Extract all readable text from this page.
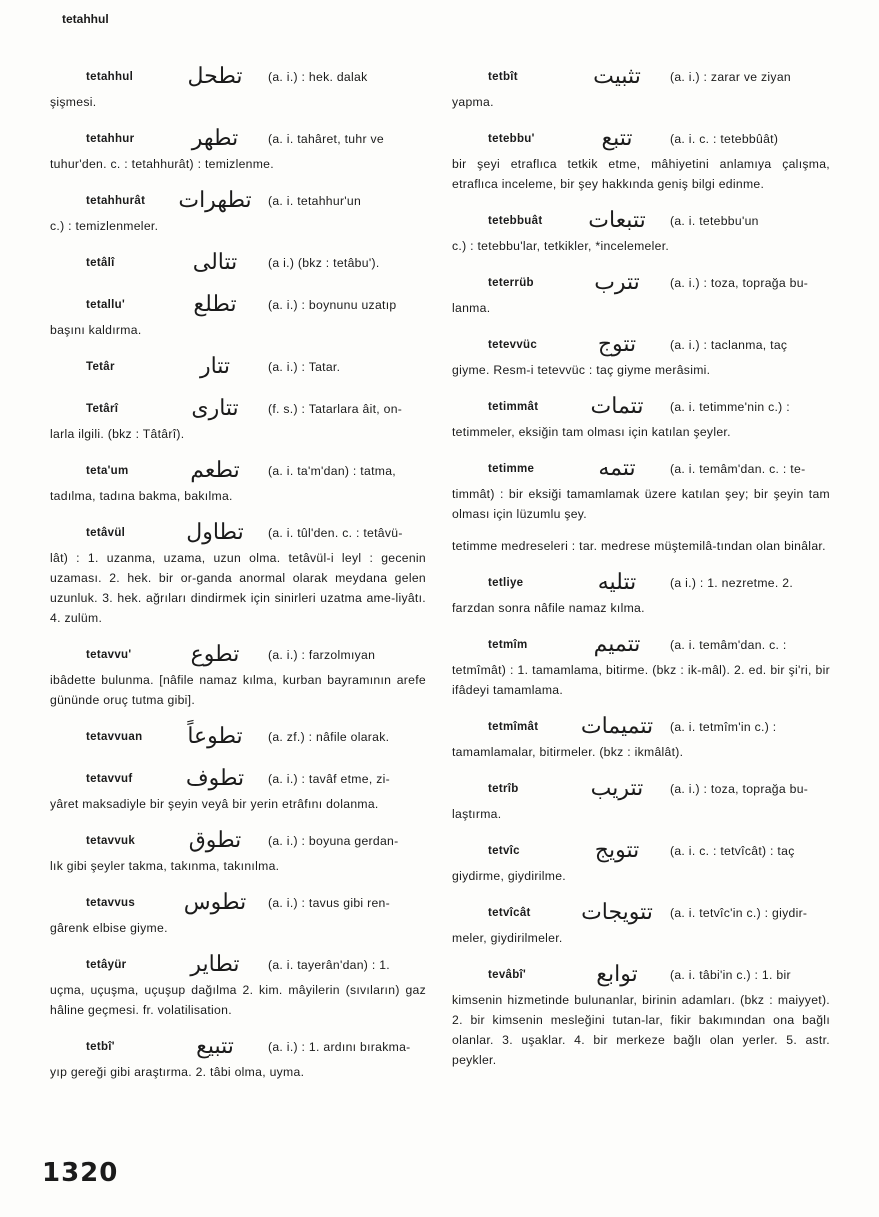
tetahhul
tetahhul	تطحل	(a. i.) : hek. dalak
şişmesi.
tetahhur	تطهر	(a. i. tahâret, tuhr ve
tuhur'den. c. : tetahhurât) : temizlenme.
tetahhurât	تطهرات	(a. i. tetahhur'un
c.) : temizlenmeler.
tetâlî	تتالى	(a i.) (bkz : tetâbu').
tetallu'	تطلع	(a. i.) : boynunu uzatıp
başını kaldırma.
Tetâr	تتار	(a. i.) : Tatar.
Tetârî	تتارى	(f. s.) : Tatarlara âit, on-
larla ilgili. (bkz : Tâtârî).
teta'um	تطعم	(a. i. ta'm'dan) : tatma,
tadılma, tadına bakma, bakılma.
tetâvül	تطاول	(a. i. tûl'den. c. : tetâvü-
lât) : 1. uzanma, uzama, uzun olma. tetâvül-i leyl : gecenin uzaması. 2. hek. bir or-ganda anormal olarak meydana gelen uzunluk. 3. hek. ağrıları dindirmek için sinirleri uzatma ame-liyâtı. 4. zulüm.
tetavvu'	تطوع	(a. i.) : farzolmıyan
ibâdette bulunma. [nâfile namaz kılma, kurban bayramının arefe gününde oruç tutma gibi].
tetavvuan	تطوعاً	(a. zf.) : nâfile olarak.
tetavvuf	تطوف	(a. i.) : tavâf etme, zi-
yâret maksadiyle bir şeyin veyâ bir yerin etrâfını dolanma.
tetavvuk	تطوق	(a. i.) : boyuna gerdan-
lık gibi şeyler takma, takınma, takınılma.
tetavvus	تطوس	(a. i.) : tavus gibi ren-
gârenk elbise giyme.
tetâyür	تطاير	(a. i. tayerân'dan) : 1.
uçma, uçuşma, uçuşup dağılma 2. kim. mâyilerin (sıvıların) gaz hâline geçmesi. fr. volatilisation.
tetbî'	تتبيع	(a. i.) : 1. ardını bırakma-
yıp gereği gibi araştırma. 2. tâbi olma, uyma.
tetbît	تثبيت	(a. i.) : zarar ve ziyan
yapma.
tetebbu'	تتبع	(a. i. c. : tetebbûât)
bir şeyi etraflıca tetkik etme, mâhiyetini anlamıya çalışma, etraflıca inceleme, bir şey hakkında geniş bilgi edinme.
tetebbuât	تتبعات	(a. i. tetebbu'un
c.) : tetebbu'lar, tetkikler, *incelemeler.
teterrüb	تترب	(a. i.) : toza, toprağa bu-
lanma.
tetevvüc	تتوج	(a. i.) : taclanma, taç
giyme. Resm-i tetevvüc : taç giyme merâsimi.
tetimmât	تتمات	(a. i. tetimme'nin c.) :
tetimmeler, eksiğin tam olması için katılan şeyler.
tetimme	تتمه	(a. i. temâm'dan. c. : te-
timmât) : bir eksiği tamamlamak üzere katılan şey; bir şeyin tam olması için lüzumlu şey.
tetimme medreseleri : tar. medrese müştemilâ-tından olan binâlar.
tetliye	تتليه	(a i.) : 1. nezretme. 2.
farzdan sonra nâfile namaz kılma.
tetmîm	تتميم	(a. i. temâm'dan. c. :
tetmîmât) : 1. tamamlama, bitirme. (bkz : ik-mâl). 2. ed. bir şi'ri, bir ifâdeyi tamamlama.
tetmîmât	تتميمات	(a. i. tetmîm'in c.) :
tamamlamalar, bitirmeler. (bkz : ikmâlât).
tetrîb	تتريب	(a. i.) : toza, toprağa bu-
laştırma.
tetvîc	تتويج	(a. i. c. : tetvîcât) : taç
giydirme, giydirilme.
tetvîcât	تتويجات	(a. i. tetvîc'in c.) : giydir-
meler, giydirilmeler.
tevâbî'	توابع	(a. i. tâbi'in c.) : 1. bir
kimsenin hizmetinde bulunanlar, birinin adamları. (bkz : maiyyet). 2. bir kimsenin mesleğini tutan-lar, fikir bakımından ona bağlı olanlar. 3. uşaklar. 4. bir merkeze bağlı olan yerler. 5. astr. peykler.
1320
